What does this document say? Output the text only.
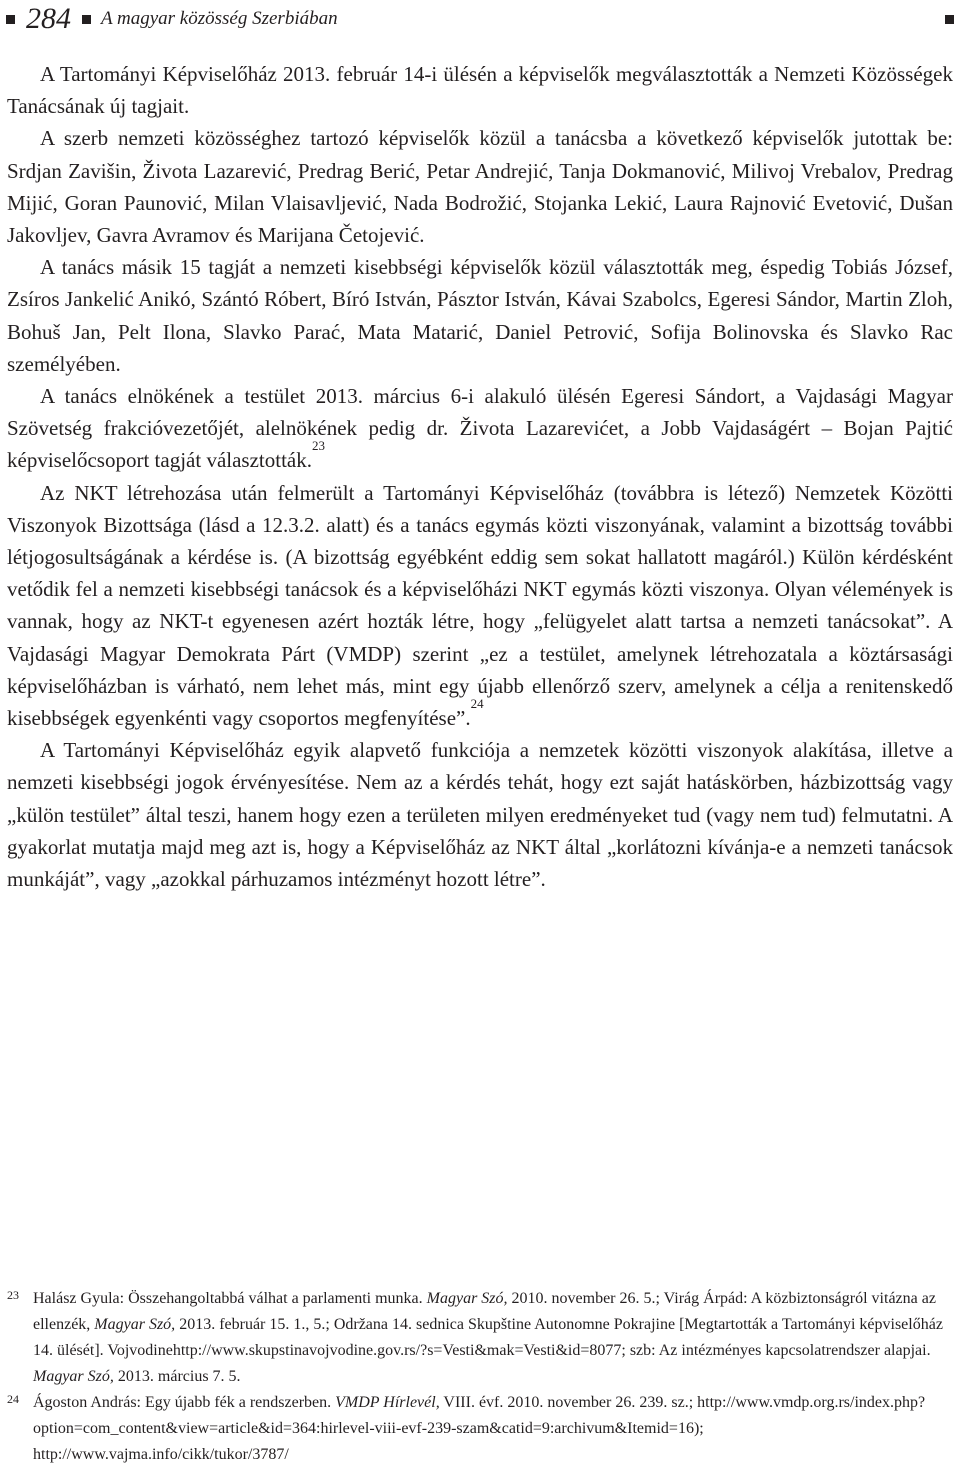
284 A magyar közösség Szerbiában

A Tartományi Képviselőház 2013. február 14-i ülésén a képviselők megválasztották a Nemzeti Közösségek Tanácsának új tagjait.

A szerb nemzeti közösséghez tartozó képviselők közül a tanácsba a következő képviselők jutottak be: Srdjan Zavišin, Života Lazarević, Predrag Berić, Petar Andrejić, Tanja Dokmanović, Milivoj Vrebalov, Predrag Mijić, Goran Paunović, Milan Vlaisavljević, Nada Bodrožić, Stojanka Lekić, Laura Rajnović Evetović, Dušan Jakovljev, Gavra Avramov és Marijana Četojević.

A tanács másik 15 tagját a nemzeti kisebbségi képviselők közül választották meg, éspedig Tobiás József, Zsíros Jankelić Anikó, Szántó Róbert, Bíró István, Pásztor István, Kávai Szabolcs, Egeresi Sándor, Martin Zloh, Bohuš Jan, Pelt Ilona, Slavko Parać, Mata Matarić, Daniel Petrović, Sofija Bolinovska és Slavko Rac személyében.

A tanács elnökének a testület 2013. március 6-i alakuló ülésén Egeresi Sándort, a Vajdasági Magyar Szövetség frakcióvezetőjét, alelnökének pedig dr. Života Lazarevićet, a Jobb Vajdaságért – Bojan Pajtić képviselőcsoport tagját választották.$^{23}$

Az NKT létrehozása után felmerült a Tartományi Képviselőház (továbbra is létező) Nemzetek Közötti Viszonyok Bizottsága (lásd a 12.3.2. alatt) és a tanács egymás közti viszonyának, valamint a bizottság további létjogosultságának a kérdése is. (A bizottság egyébként eddig sem sokat hallatott magáról.) Külön kérdésként vetődik fel a nemzeti kisebbségi tanácsok és a képviselőházi NKT egymás közti viszonya. Olyan vélemények is vannak, hogy az NKT-t egyenesen azért hozták létre, hogy „felügyelet alatt tartsa a nemzeti tanácsokat”. A Vajdasági Magyar Demokrata Párt (VMDP) szerint „ez a testület, amelynek létrehozatala a köztársasági képviselőházban is várható, nem lehet más, mint egy újabb ellenőrző szerv, amelynek a célja a renitenskedő kisebbségek egyenkénti vagy csoportos megfenyítése”.$^{24}$

A Tartományi Képviselőház egyik alapvető funkciója a nemzetek közötti viszonyok alakítása, illetve a nemzeti kisebbségi jogok érvényesítése. Nem az a kérdés tehát, hogy ezt saját hatáskörben, házbizottság vagy „külön testület” által teszi, hanem hogy ezen a területen milyen eredményeket tud (vagy nem tud) felmutatni. A gyakorlat mutatja majd meg azt is, hogy a Képviselőház az NKT által „korlátozni kívánja-e a nemzeti tanácsok munkáját”, vagy „azokkal párhuzamos intézményt hozott létre”.

23 Halász Gyula: Összehangoltabbá válhat a parlamenti munka. Magyar Szó, 2010. november 26. 5.; Virág Árpád: A közbiztonságról vitázna az ellenzék, Magyar Szó, 2013. február 15. 1., 5.; Održana 14. sednica Skupštine Autonomne Pokrajine [Megtartották a Tartományi képviselőház 14. ülését]. Vojvodinehttp://www.skupstinavojvodine.gov.rs/?s=Vesti&mak=Vesti&id=8077; szb: Az intézményes kapcsolatrendszer alapjai. Magyar Szó, 2013. március 7. 5.
24 Ágoston András: Egy újabb fék a rendszerben. VMDP Hírlevél, VIII. évf. 2010. november 26. 239. sz.; http://www.vmdp.org.rs/index.php?option=com_content&view=article&id=364:hirlevel-viii-evf-239-szam&catid=9:archivum&Itemid=16); http://www.vajma.info/cikk/tukor/3787/
